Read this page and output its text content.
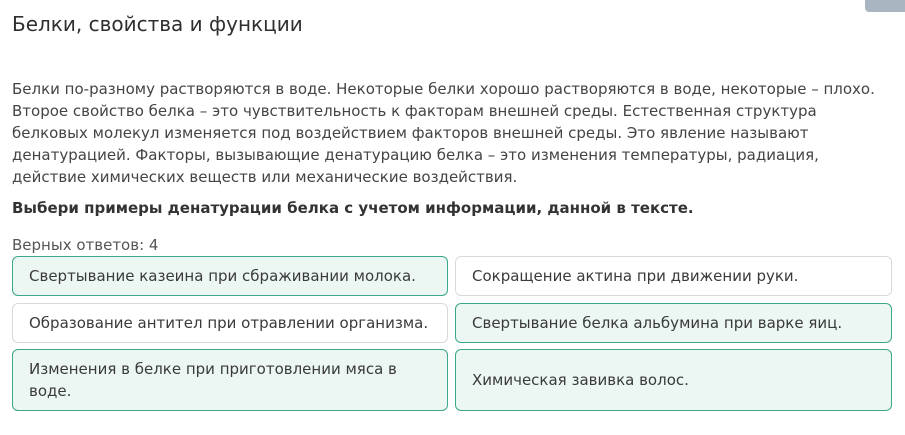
Белки, свойства и функции

Белки по-разному растворяются в воде. Некоторые белки хорошо растворяются в воде, некоторые – плохо. Второе свойство белка – это чувствительность к факторам внешней среды. Естественная структура белковых молекул изменяется под воздействием факторов внешней среды. Это явление называют денатурацией. Факторы, вызывающие денатурацию белка – это изменения температуры, радиация, действие химических веществ или механические воздействия.

Выбери примеры денатурации белка с учетом информации, данной в тексте.

Верных ответов: 4
Свертывание казеина при сбраживании молока.	Сокращение актина при движении руки.
Образование антител при отравлении организма.	Свертывание белка альбумина при варке яиц.
Изменения в белке при приготовлении мяса в воде.
Химическая завивка волос.
